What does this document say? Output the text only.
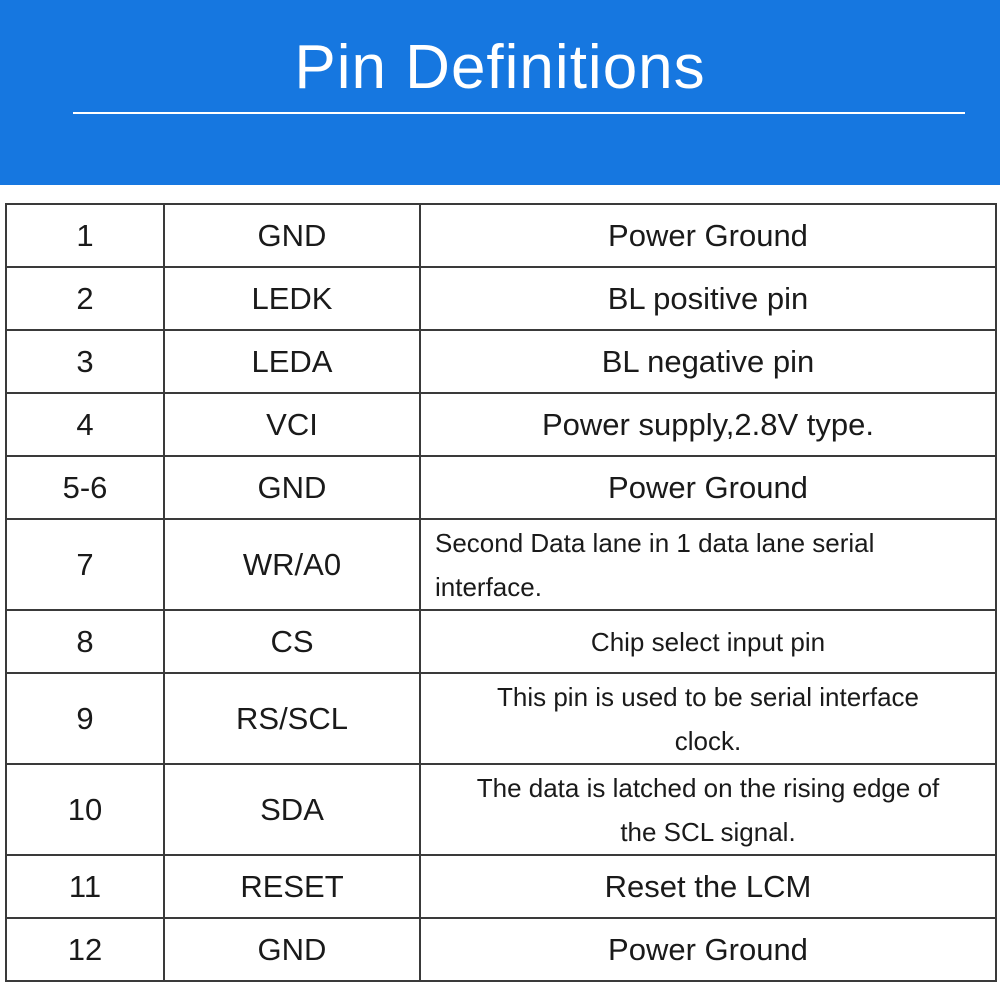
Pin Definitions
1	GND	Power Ground
2	LEDK	BL positive pin
3	LEDA	BL negative pin
4	VCI	Power supply,2.8V type.
5-6	GND	Power Ground
7	WR/A0	Second Data lane in 1 data lane serial
interface.

8	CS	Chip select input pin
9	RS/SCL	This pin is used to be serial interface
clock.

10	SDA	The data is latched on the rising edge of
the SCL signal.

11	RESET	Reset the LCM
12	GND	Power Ground
